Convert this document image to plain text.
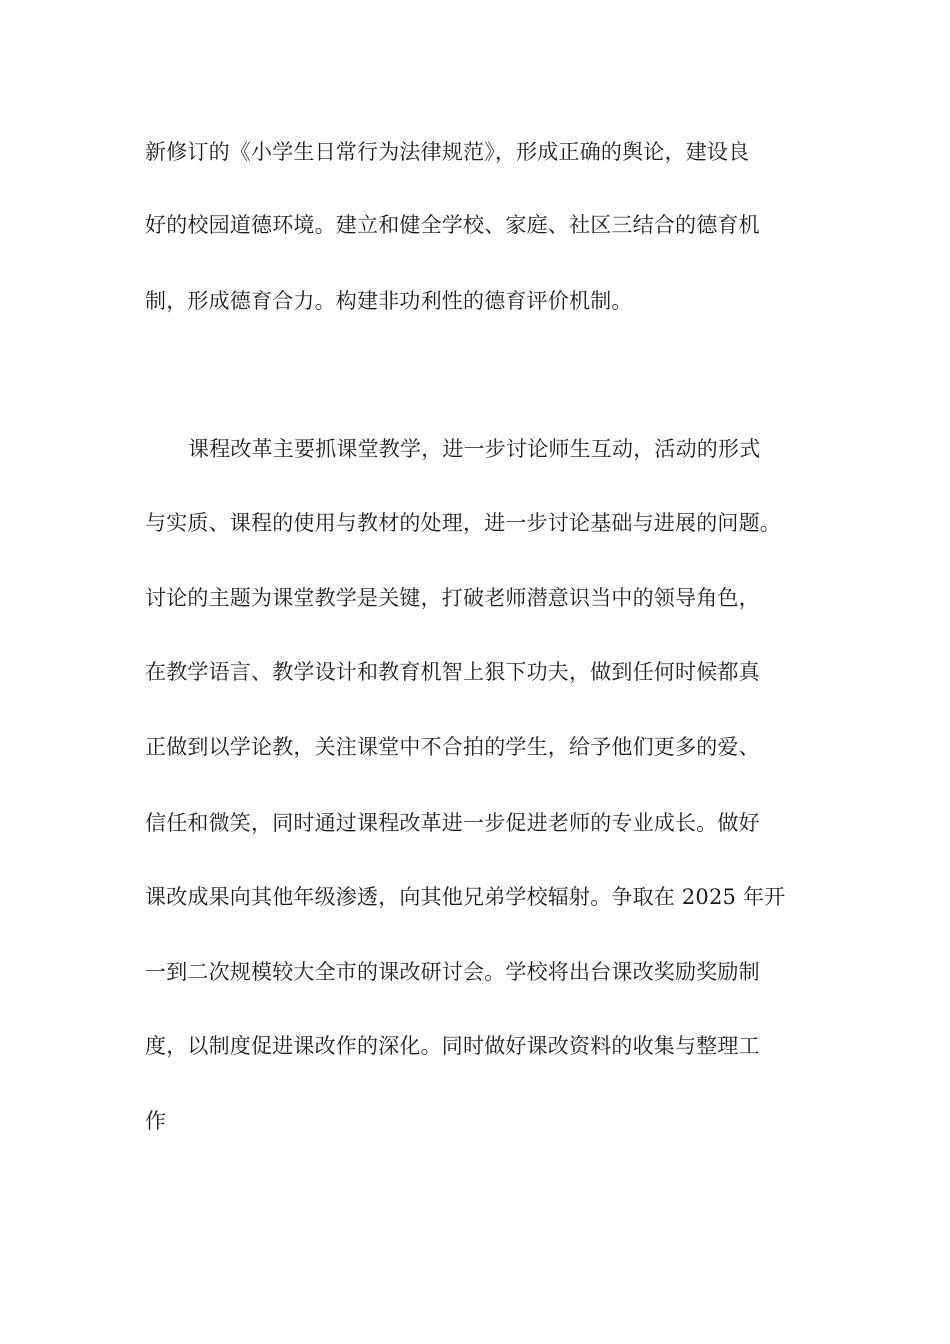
新修订的《小学生日常行为法律规范》，形成正确的舆论，建设良
好的校园道德环境。建立和健全学校、家庭、社区三结合的德育机
制，形成德育合力。构建非功利性的德育评价机制。
课程改革主要抓课堂教学，进一步讨论师生互动，活动的形式
与实质、课程的使用与教材的处理，进一步讨论基础与进展的问题。
讨论的主题为课堂教学是关键，打破老师潜意识当中的领导角色，
在教学语言、教学设计和教育机智上狠下功夫，做到任何时候都真
正做到以学论教，关注课堂中不合拍的学生，给予他们更多的爱、
信任和微笑，同时通过课程改革进一步促进老师的专业成长。做好
课改成果向其他年级渗透，向其他兄弟学校辐射。争取在 2025 年开
一到二次规模较大全市的课改研讨会。学校将出台课改奖励奖励制
度，以制度促进课改作的深化。同时做好课改资料的收集与整理工
作
